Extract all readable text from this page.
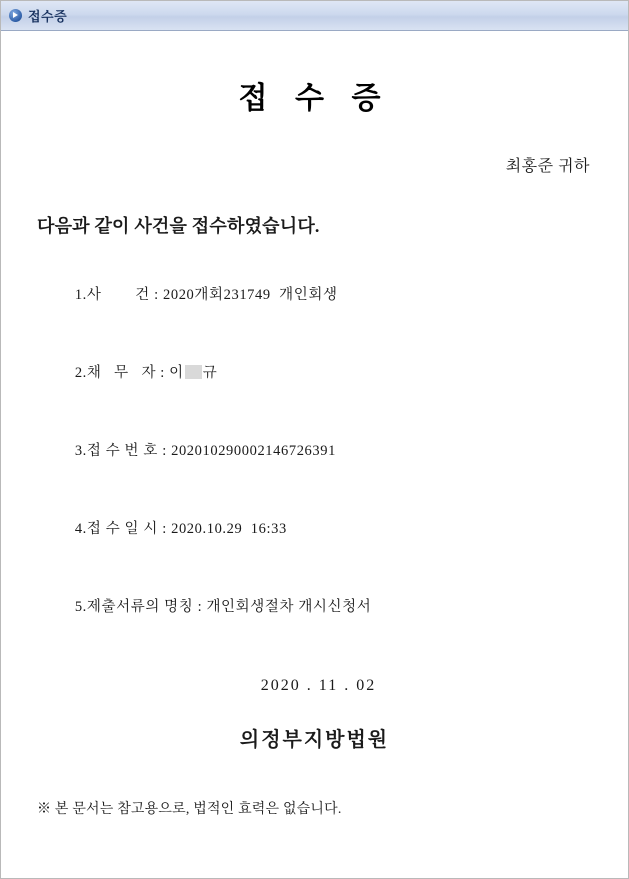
접수증
접 수 증
최홍준 귀하
다음과 같이 사건을 접수하였습니다.

1.사        건 : 2020개회231749  개인회생

2.채   무   자 : 이 규

3.접 수 번 호 : 202010290002146726391

4.접 수 일 시 : 2020.10.29  16:33

5.제출서류의 명칭 : 개인회생절차 개시신청서

2020 . 11 . 02
의정부지방법원
※ 본 문서는 참고용으로, 법적인 효력은 없습니다.
